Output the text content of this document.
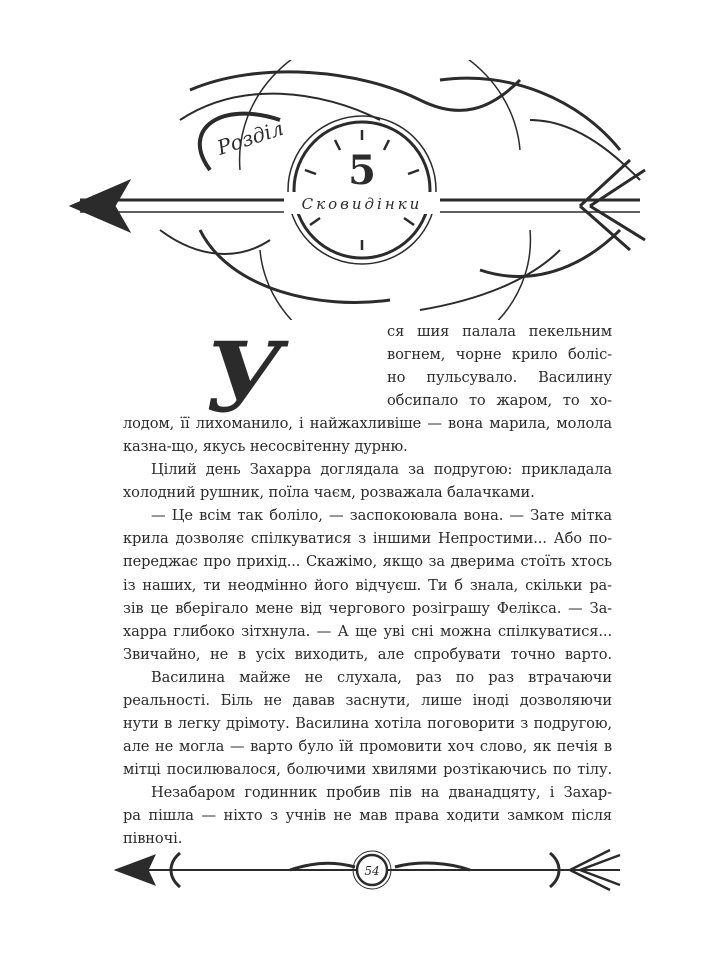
Розділ
5
Сковидінки
У	ся шия палала пекельним
вогнем, чорне крило боліс-
но пульсувало. Василину
обсипало то жаром, то хо-
лодом, її лихоманило, і найжахливіше — вона марила, молола
казна-що, якусь несосвітенну дурню.
Цілий день Захарра доглядала за подругою: прикладала
холодний рушник, поїла чаєм, розважала балачками.
— Це всім так боліло, — заспокоювала вона. — Зате мітка
крила дозволяє спілкуватися з іншими Непростими... Або по-
переджає про прихід... Скажімо, якщо за дверима стоїть хтось
із наших, ти неодмінно його відчуєш. Ти б знала, скільки ра-
зів це вберігало мене від чергового розіграшу Фелікса. — За-
харра глибоко зітхнула. — А ще уві сні можна спілкуватися...
Звичайно, не в усіх виходить, але спробувати точно варто.
Василина майже не слухала, раз по раз втрачаючи
реальності. Біль не давав заснути, лише іноді дозволяючи
нути в легку дрімоту. Василина хотіла поговорити з подругою,
але не могла — варто було їй промовити хоч слово, як печія в
мітці посилювалося, болючими хвилями розтікаючись по тілу.
Незабаром годинник пробив пів на дванадцяту, і Захар-
ра пішла — ніхто з учнів не мав права ходити замком після
півночі.
54
